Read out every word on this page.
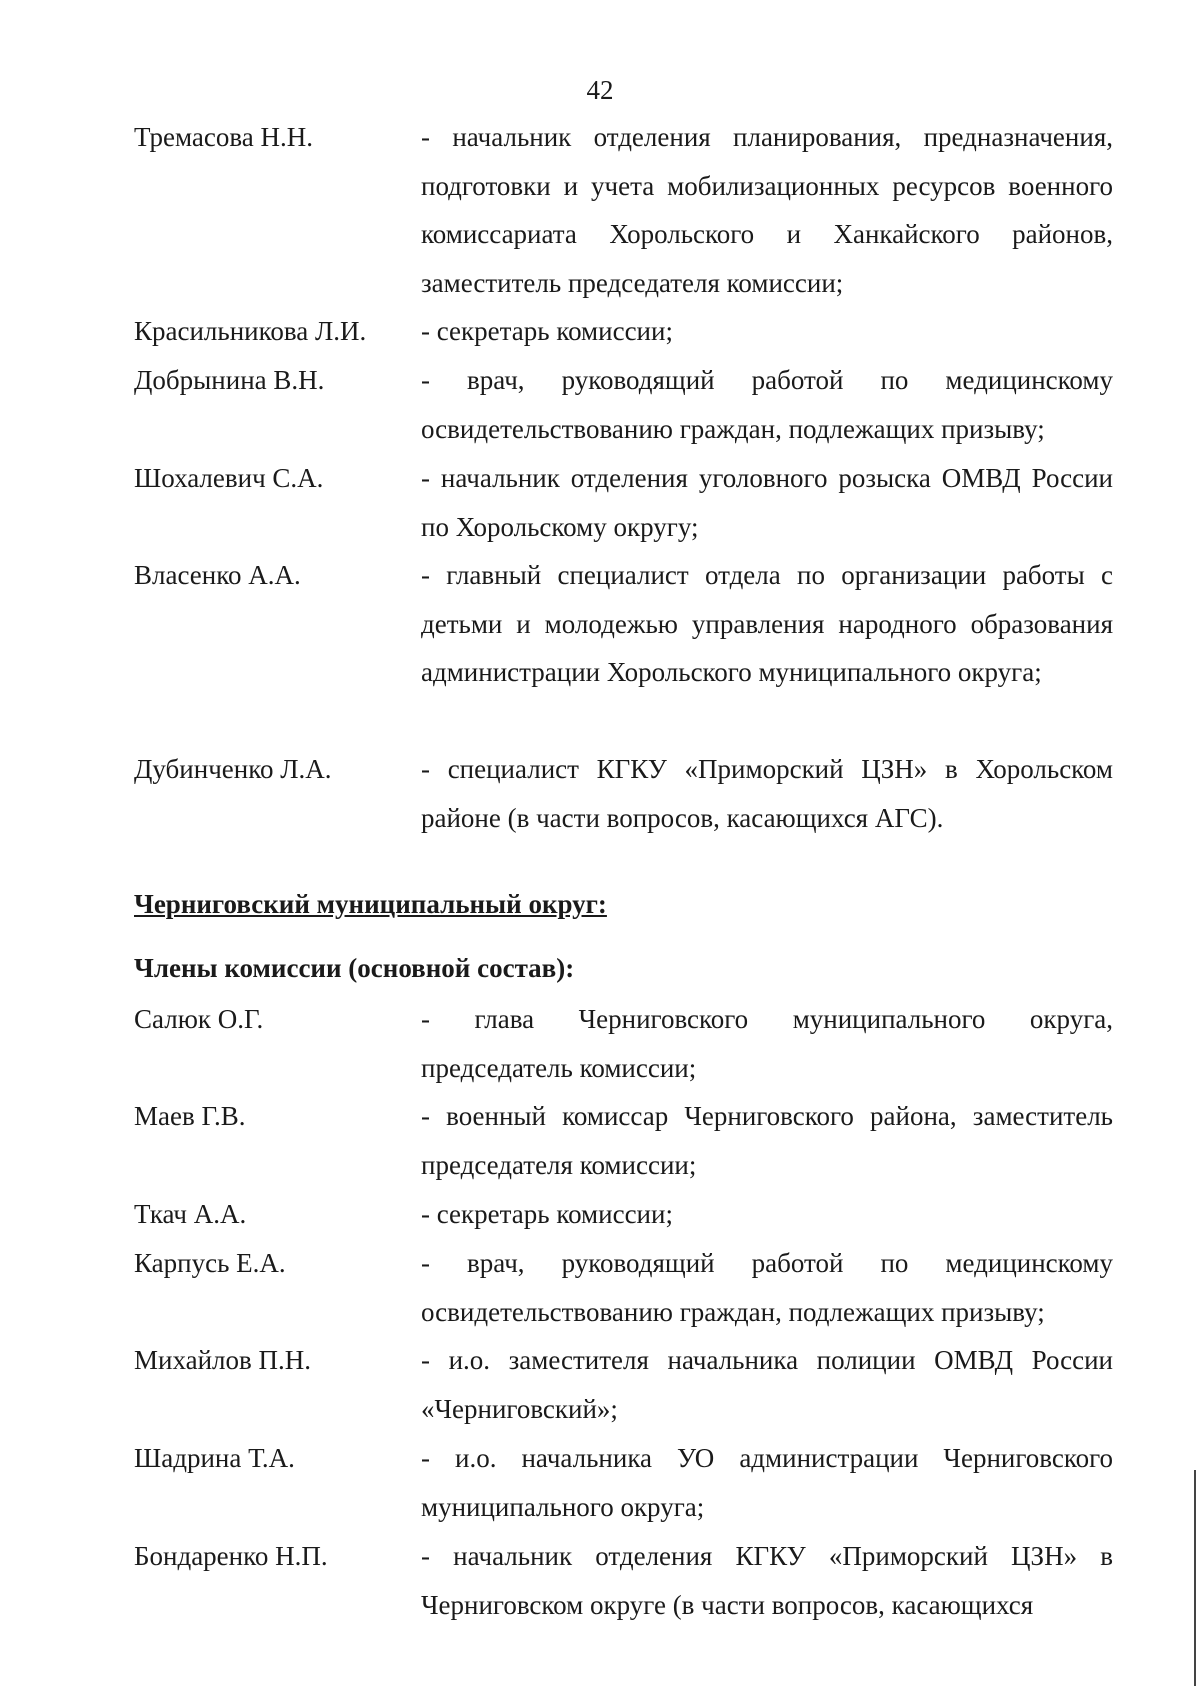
42
Тремасова Н.Н.	- начальник отделения планирования, предназначения, подготовки и учета мобилизационных ресурсов военного комиссариата Хорольского и Ханкайского районов, заместитель председателя комиссии;
Красильникова Л.И. - секретарь комиссии;
Добрынина В.Н.	- врач, руководящий работой по медицинскому освидетельствованию граждан, подлежащих призыву;
Шохалевич С.А.	- начальник отделения уголовного розыска ОМВД России по Хорольскому округу;
Власенко А.А.	- главный специалист отдела по организации работы с детьми и молодежью управления народного образования администрации Хорольского муниципального округа;
Дубинченко Л.А.	- специалист КГКУ «Приморский ЦЗН» в Хорольском районе (в части вопросов, касающихся АГС).
Черниговский муниципальный округ:
Члены комиссии (основной состав):
Салюк О.Г.	- глава Черниговского муниципального округа, председатель комиссии;
Маев Г.В.	- военный комиссар Черниговского района, заместитель председателя комиссии;
Ткач А.А.	- секретарь комиссии;
Карпусь Е.А.	- врач, руководящий работой по медицинскому освидетельствованию граждан, подлежащих призыву;
Михайлов П.Н.	- и.о. заместителя начальника полиции ОМВД России «Черниговский»;
Шадрина Т.А.	- и.о. начальника УО администрации Черниговского муниципального округа;
Бондаренко Н.П.	- начальник отделения КГКУ «Приморский ЦЗН» в Черниговском округе (в части вопросов, касающихся
